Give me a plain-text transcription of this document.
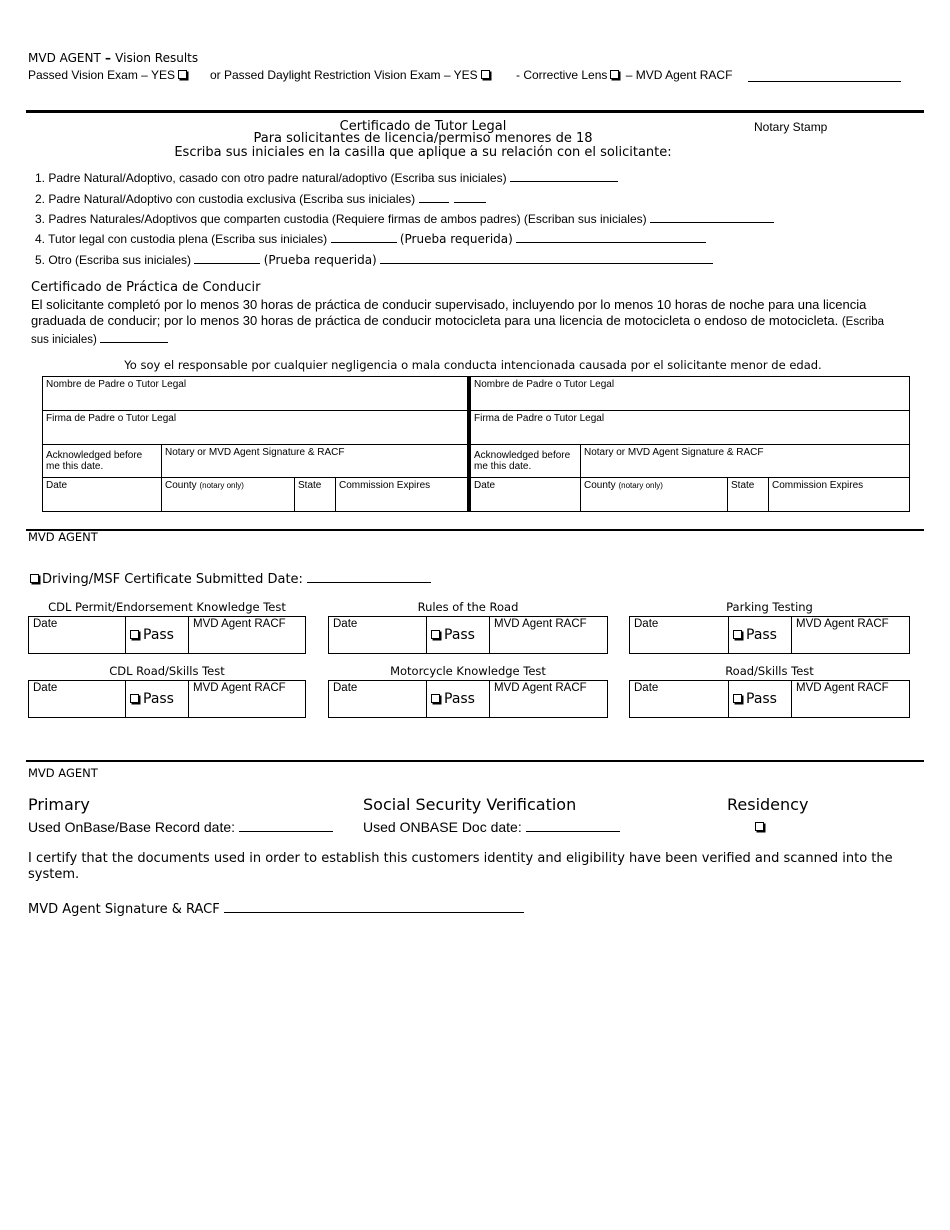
MVD AGENT – Vision Results
Passed Vision Exam – YES	or Passed Daylight Restriction Vision Exam – YES	- Corrective Lens – MVD Agent RACF
Certificado de Tutor Legal	Notary Stamp
Para solicitantes de licencia/permiso menores de 18
Escriba sus iniciales en la casilla que aplique a su relación con el solicitante:
1. Padre Natural/Adoptivo, casado con otro padre natural/adoptivo (Escriba sus iniciales)
2. Padre Natural/Adoptivo con custodia exclusiva (Escriba sus iniciales)
3. Padres Naturales/Adoptivos que comparten custodia (Requiere firmas de ambos padres) (Escriban sus iniciales)
4. Tutor legal con custodia plena (Escriba sus iniciales)	(Prueba requerida)
5. Otro (Escriba sus iniciales)	(Prueba requerida)
Certificado de Práctica de Conducir
El solicitante completó por lo menos 30 horas de práctica de conducir supervisado, incluyendo por lo menos 10 horas de noche para una licencia graduada de conducir; por lo menos 30 horas de práctica de conducir motocicleta para una licencia de motocicleta o endoso de motocicleta. (Escriba sus iniciales)
Yo soy el responsable por cualquier negligencia o mala conducta intencionada causada por el solicitante menor de edad.
Nombre de Padre o Tutor Legal			
Firma de Padre o Tutor Legal			
Acknowledged before me this date.	Notary or MVD Agent Signature & RACF		
Date	County (notary only)	State	Commission Expires
Nombre de Padre o Tutor Legal			
Firma de Padre o Tutor Legal			
Acknowledged before me this date.	Notary or MVD Agent Signature & RACF		
Date	County (notary only)	State	Commission Expires
MVD AGENT
Driving/MSF Certificate Submitted Date:
CDL Permit/Endorsement Knowledge Test
Date	Pass	MVD Agent RACF
Rules of the Road
Date	Pass	MVD Agent RACF
Parking Testing
Date	Pass	MVD Agent RACF
CDL Road/Skills Test
Date	Pass	MVD Agent RACF
Motorcycle Knowledge Test
Date	Pass	MVD Agent RACF
Road/Skills Test
Date	Pass	MVD Agent RACF
MVD AGENT
Primary
Used OnBase/Base Record date:
Social Security Verification
Used ONBASE Doc date:
Residency
I certify that the documents used in order to establish this customers identity and eligibility have been verified and scanned into the system.
MVD Agent Signature & RACF
